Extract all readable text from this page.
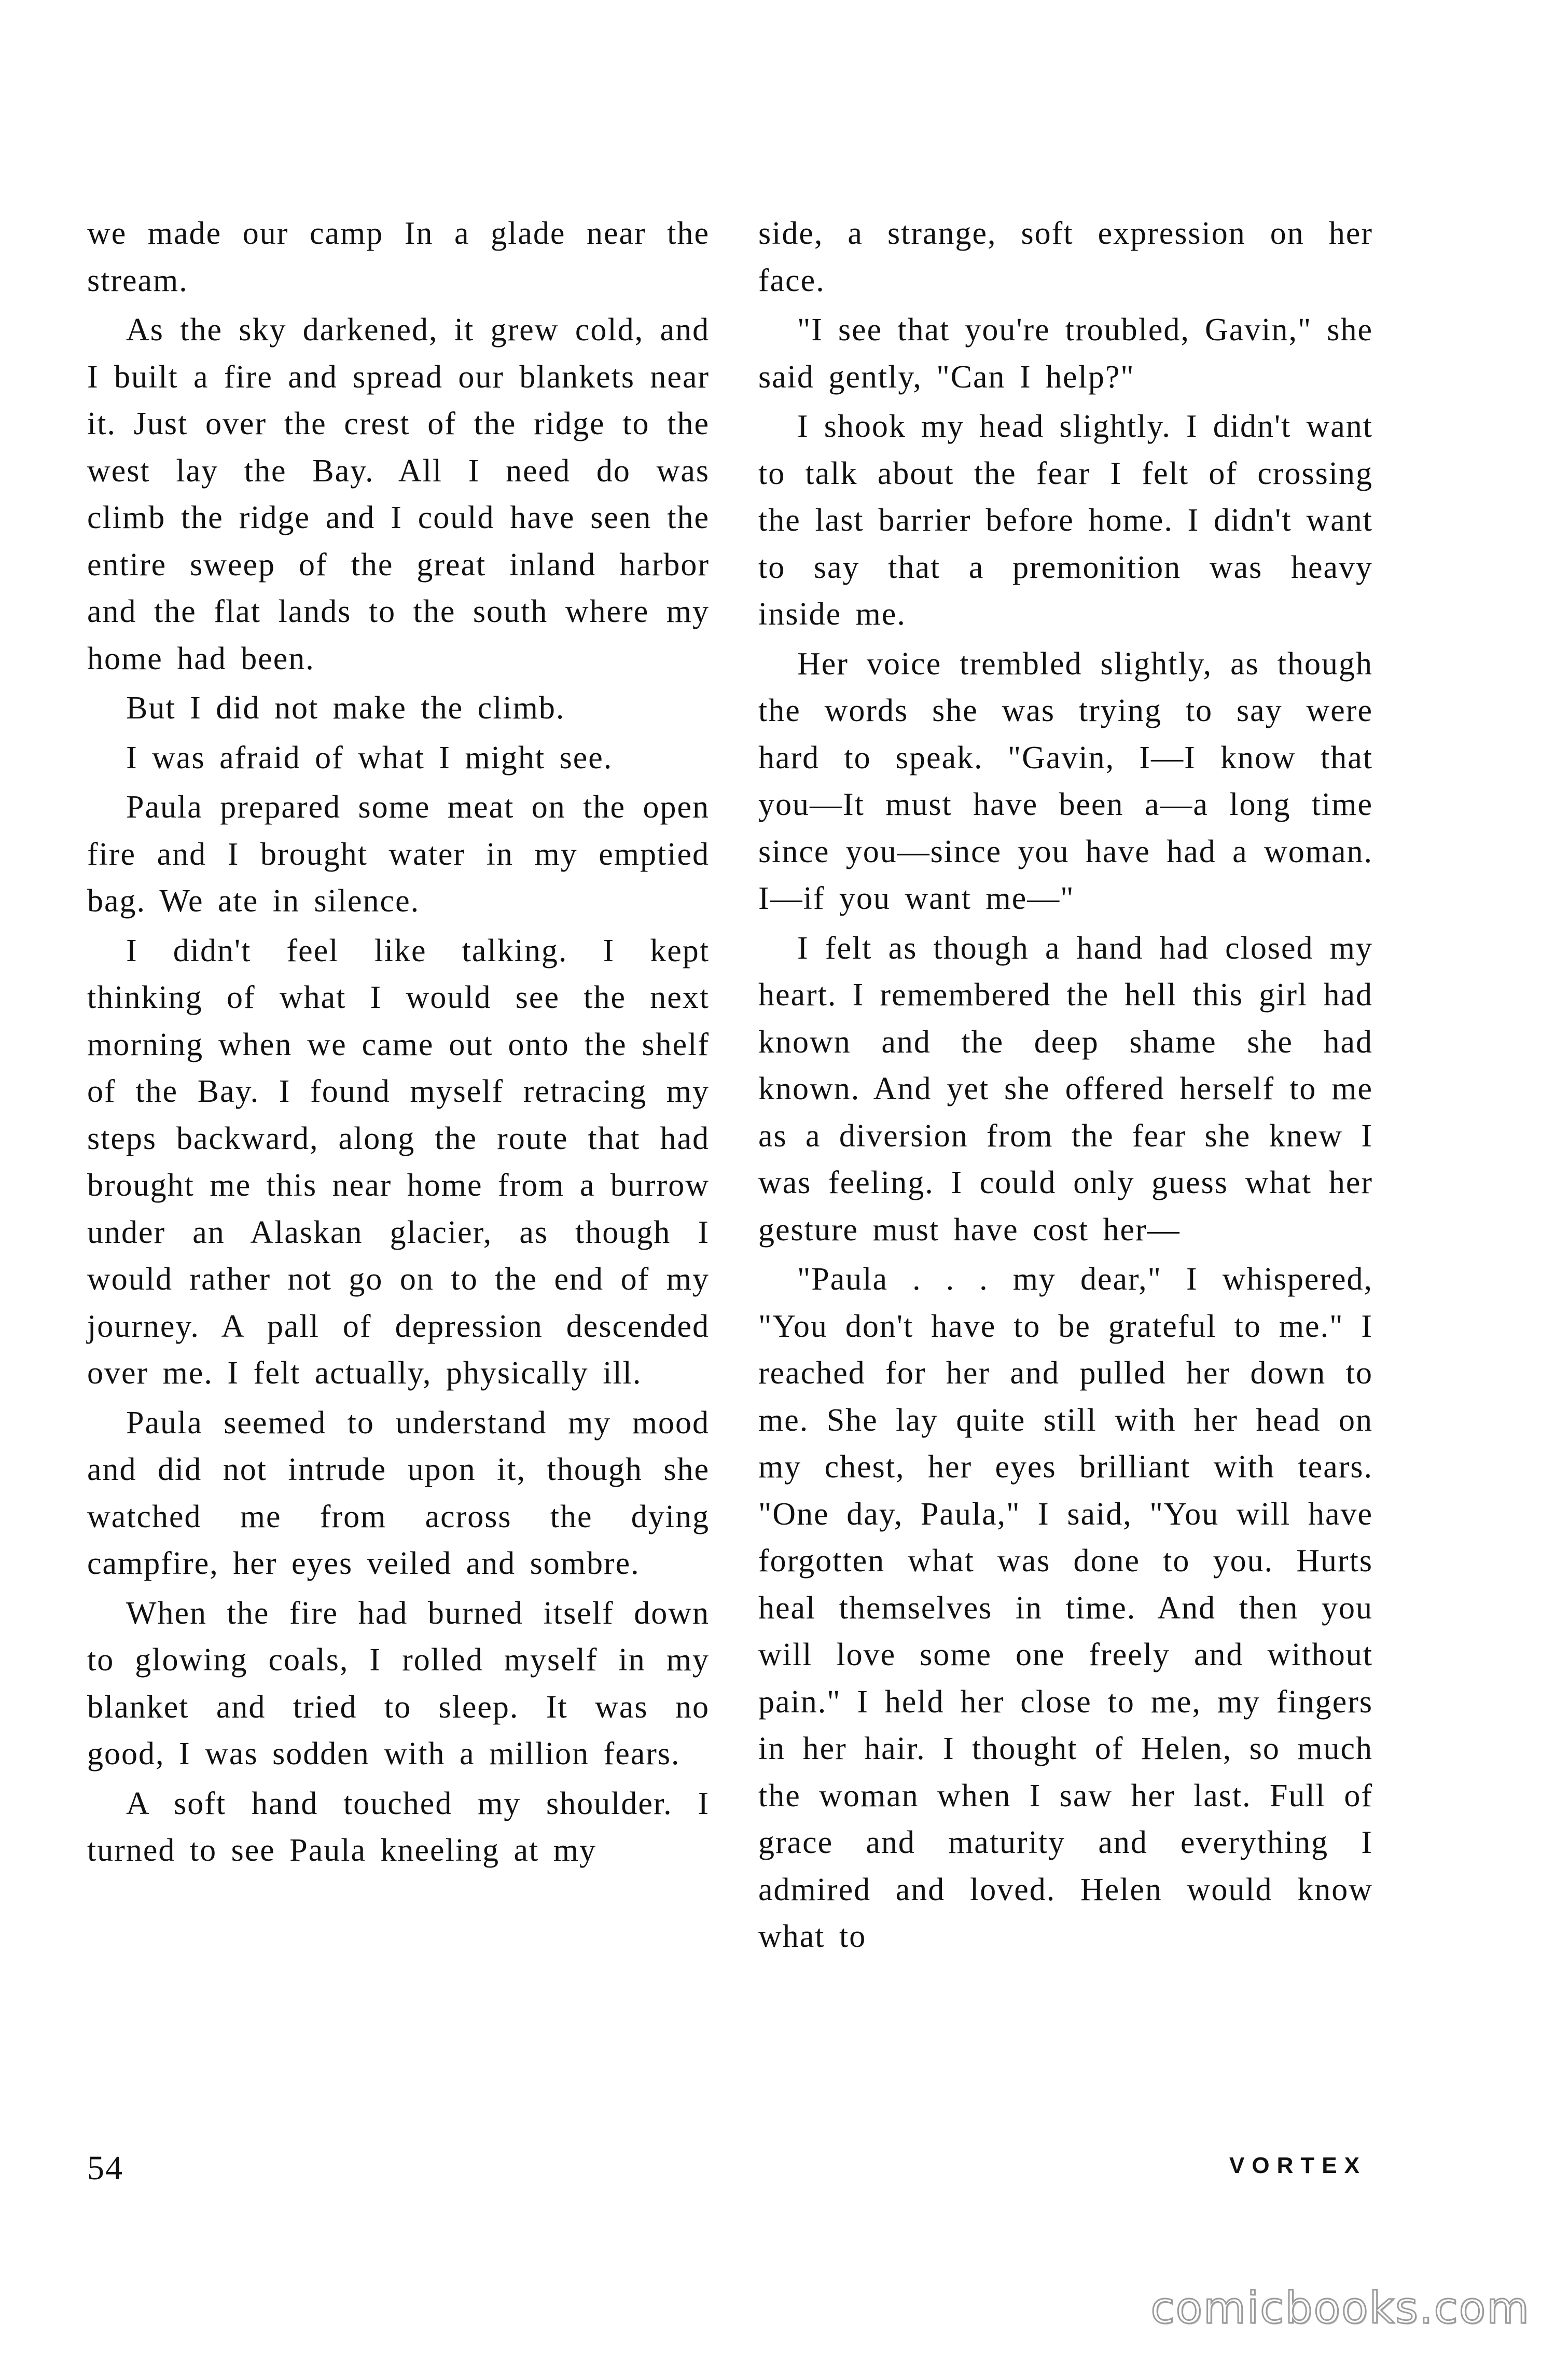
we made our camp In a glade near the stream.

As the sky darkened, it grew cold, and I built a fire and spread our blankets near it. Just over the crest of the ridge to the west lay the Bay. All I need do was climb the ridge and I could have seen the entire sweep of the great inland harbor and the flat lands to the south where my home had been.

But I did not make the climb.

I was afraid of what I might see.

Paula prepared some meat on the open fire and I brought water in my emptied bag. We ate in silence.

I didn't feel like talking. I kept thinking of what I would see the next morning when we came out onto the shelf of the Bay. I found myself retracing my steps backward, along the route that had brought me this near home from a burrow under an Alaskan glacier, as though I would rather not go on to the end of my journey. A pall of depression descended over me. I felt actually, physically ill.

Paula seemed to understand my mood and did not intrude upon it, though she watched me from across the dying campfire, her eyes veiled and sombre.

When the fire had burned itself down to glowing coals, I rolled myself in my blanket and tried to sleep. It was no good, I was sodden with a million fears.

A soft hand touched my shoulder. I turned to see Paula kneeling at my

side, a strange, soft expression on her face.

"I see that you're troubled, Gavin," she said gently, "Can I help?"

I shook my head slightly. I didn't want to talk about the fear I felt of crossing the last barrier before home. I didn't want to say that a premonition was heavy inside me.

Her voice trembled slightly, as though the words she was trying to say were hard to speak. "Gavin, I—I know that you—It must have been a—a long time since you—since you have had a woman. I—if you want me—"

I felt as though a hand had closed my heart. I remembered the hell this girl had known and the deep shame she had known. And yet she offered herself to me as a diversion from the fear she knew I was feeling. I could only guess what her gesture must have cost her—

"Paula . . . my dear," I whispered, "You don't have to be grateful to me." I reached for her and pulled her down to me. She lay quite still with her head on my chest, her eyes brilliant with tears. "One day, Paula," I said, "You will have forgotten what was done to you. Hurts heal themselves in time. And then you will love some one freely and without pain." I held her close to me, my fingers in her hair. I thought of Helen, so much the woman when I saw her last. Full of grace and maturity and everything I admired and loved. Helen would know what to

54	VORTEX
comicbooks.com
